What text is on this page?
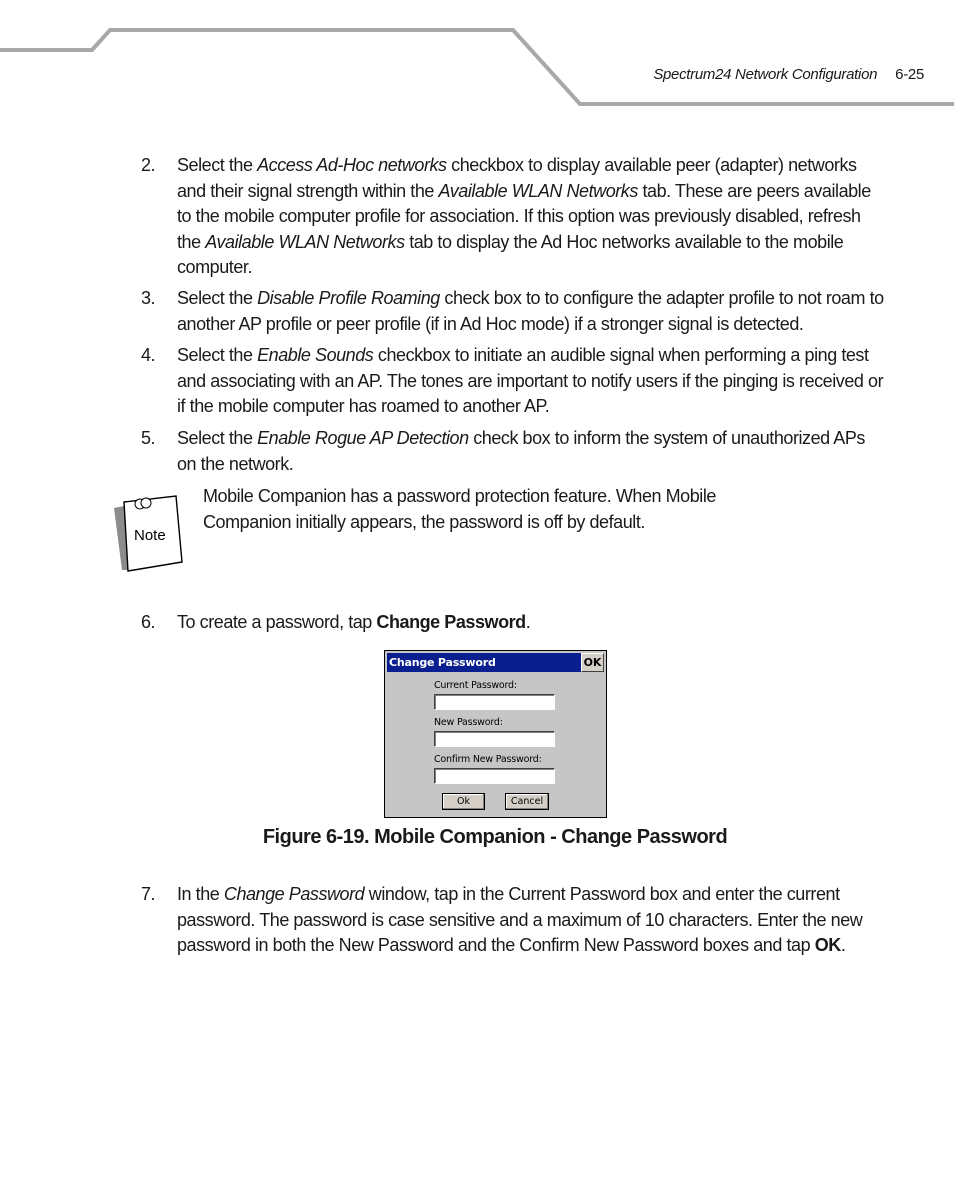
Spectrum24 Network Configuration 6-25
2. Select the Access Ad-Hoc networks checkbox to display available peer (adapter) networks and their signal strength within the Available WLAN Networks tab. These are peers available to the mobile computer profile for association. If this option was previously disabled, refresh the Available WLAN Networks tab to display the Ad Hoc networks available to the mobile computer.
3. Select the Disable Profile Roaming check box to to configure the adapter profile to not roam to another AP profile or peer profile (if in Ad Hoc mode) if a stronger signal is detected.
4. Select the Enable Sounds checkbox to initiate an audible signal when performing a ping test and associating with an AP. The tones are important to notify users if the pinging is received or if the mobile computer has roamed to another AP.
5. Select the Enable Rogue AP Detection check box to inform the system of unauthorized APs on the network.
Note
Mobile Companion has a password protection feature. When Mobile Companion initially appears, the password is off by default.
6. To create a password, tap Change Password.
Change Password	OK
Current Password:
New Password:
Confirm New Password:
Ok	Cancel
Figure 6-19. Mobile Companion - Change Password
7. In the Change Password window, tap in the Current Password box and enter the current password. The password is case sensitive and a maximum of 10 characters. Enter the new password in both the New Password and the Confirm New Password boxes and tap OK.
